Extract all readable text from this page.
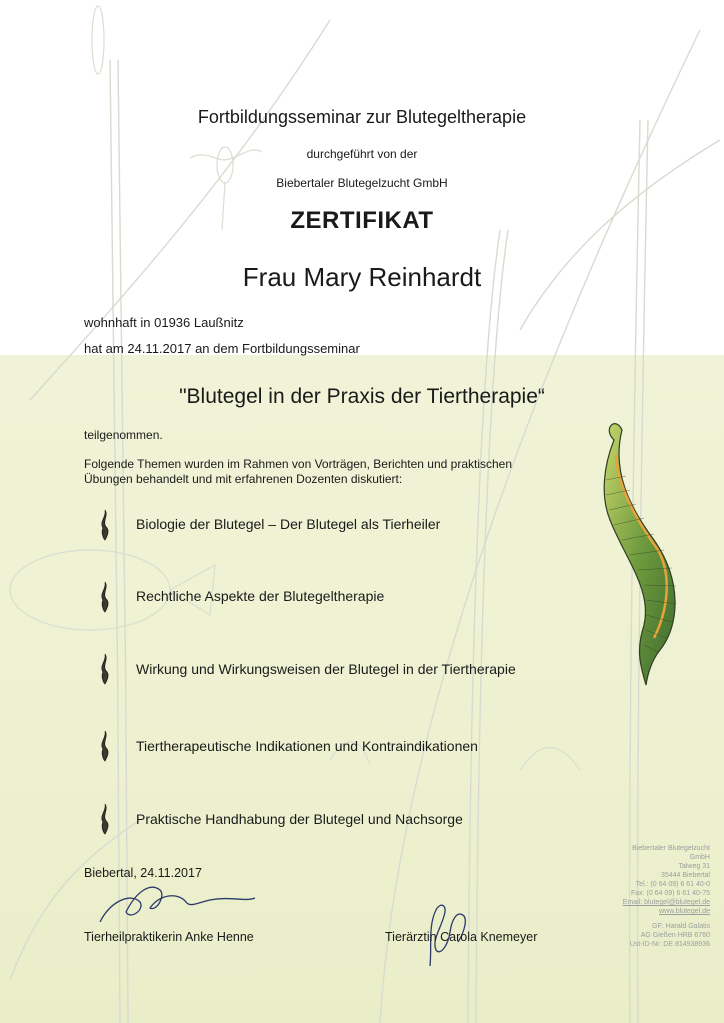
Fortbildungsseminar zur Blutegeltherapie
durchgeführt von der
Biebertaler Blutegelzucht GmbH
ZERTIFIKAT
Frau Mary Reinhardt
wohnhaft in 01936 Laußnitz
hat am 24.11.2017 an dem Fortbildungsseminar
"Blutegel in der Praxis der Tiertherapie“
teilgenommen.
Folgende Themen wurden im Rahmen von Vorträgen, Berichten und praktischen Übungen behandelt und mit erfahrenen Dozenten diskutiert:
Biologie der Blutegel – Der Blutegel als Tierheiler
Rechtliche Aspekte der Blutegeltherapie
Wirkung und Wirkungsweisen der Blutegel in der Tiertherapie
Tiertherapeutische Indikationen und Kontraindikationen
Praktische Handhabung der Blutegel und Nachsorge
Biebertal, 24.11.2017
Tierheilpraktikerin Anke Henne	Tierärztin Carola Knemeyer
Biebertaler Blutegelzucht
GmbH
Talweg 31
35444 Biebertal
Tel.: (0 64 09) 6 61 40-0
Fax: (0 64 09) 6 61 40-75
Email: blutegel@blutegel.de
www.blutegel.de
GF: Harald Galatis
AG Gießen HRB 6760
Ust-ID-Nr: DE 814938936
